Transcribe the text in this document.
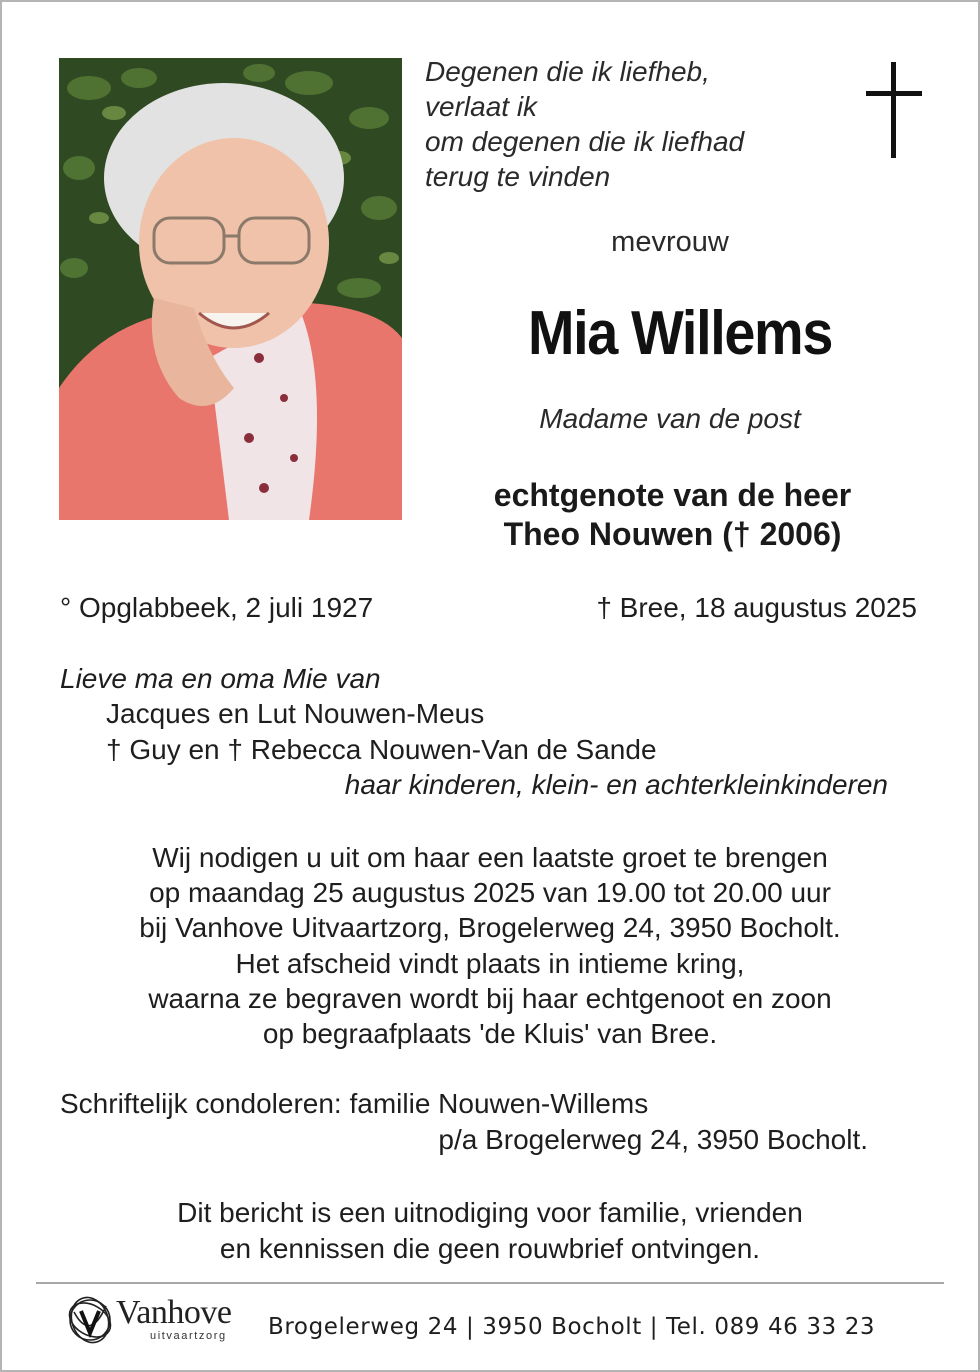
Degenen die ik liefheb,
verlaat ik
om degenen die ik liefhad
terug te vinden
mevrouw
Mia Willems
Madame van de post
echtgenote van de heer
Theo Nouwen († 2006)
° Opglabbeek, 2 juli 1927	† Bree, 18 augustus 2025
Lieve ma en oma Mie van
Jacques en Lut Nouwen-Meus
† Guy en † Rebecca Nouwen-Van de Sande
haar kinderen, klein- en achterkleinkinderen
Wij nodigen u uit om haar een laatste groet te brengen
op maandag 25 augustus 2025 van 19.00 tot 20.00 uur
bij Vanhove Uitvaartzorg, Brogelerweg 24, 3950 Bocholt.
Het afscheid vindt plaats in intieme kring,
waarna ze begraven wordt bij haar echtgenoot en zoon
op begraafplaats 'de Kluis' van Bree.
Schriftelijk condoleren: familie Nouwen-Willems
p/a Brogelerweg 24, 3950 Bocholt.
Dit bericht is een uitnodiging voor familie, vrienden
en kennissen die geen rouwbrief ontvingen.
Vanhove
uitvaartzorg Brogelerweg 24 | 3950 Bocholt | Tel. 089 46 33 23
